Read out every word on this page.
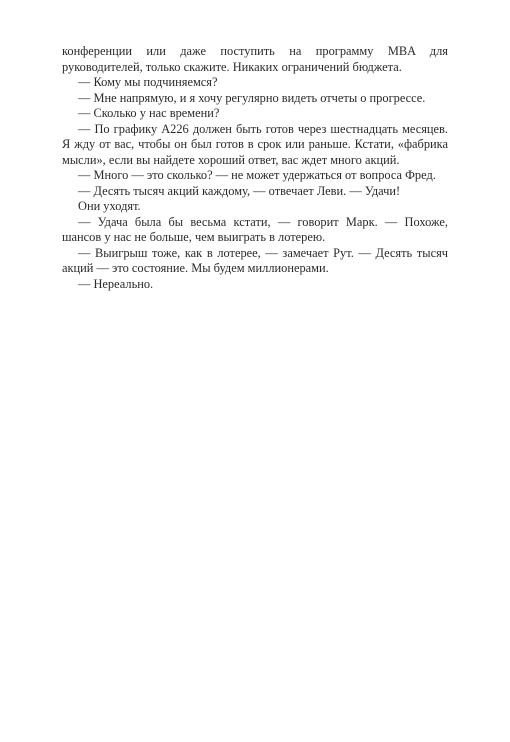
конференции или даже поступить на программу MBA для руководителей, только скажите. Никаких ограничений бюджета.

— Кому мы подчиняемся?

— Мне напрямую, и я хочу регулярно видеть отчеты о прогрессе.

— Сколько у нас времени?

— По графику А226 должен быть готов через шестнадцать месяцев. Я жду от вас, чтобы он был готов в срок или раньше. Кстати, «фабрика мысли», если вы найдете хороший ответ, вас ждет много акций.

— Много — это сколько? — не может удержаться от вопроса Фред.

— Десять тысяч акций каждому, — отвечает Леви. — Удачи!

Они уходят.

— Удача была бы весьма кстати, — говорит Марк. — Похоже, шансов у нас не больше, чем выиграть в лотерею.

— Выигрыш тоже, как в лотерее, — замечает Рут. — Десять тысяч акций — это состояние. Мы будем миллионерами.

— Нереально.
